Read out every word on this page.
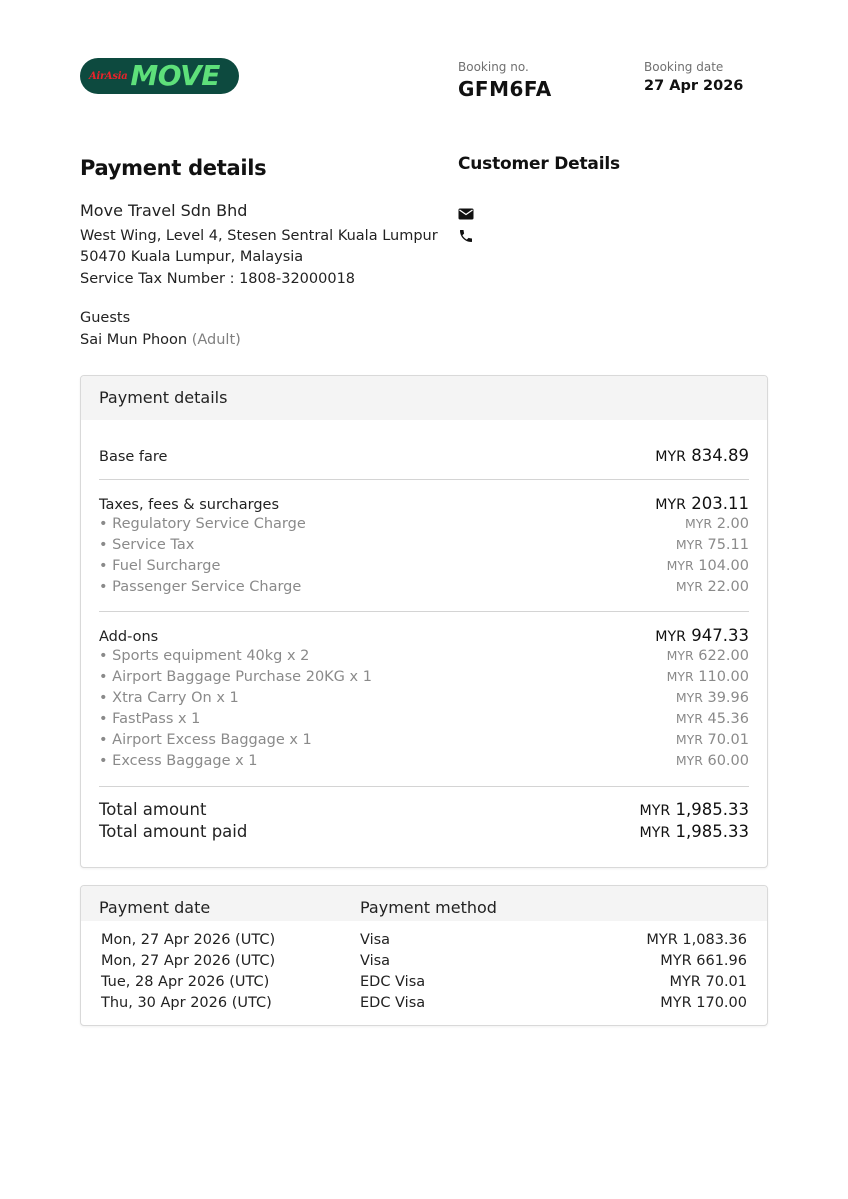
AirAsia MOVE	Booking no.
GFM6FA
Booking date
27 Apr 2026
Payment details	Customer Details
Move Travel Sdn Bhd
West Wing, Level 4, Stesen Sentral Kuala Lumpur
50470 Kuala Lumpur, Malaysia
Service Tax Number : 1808-32000018
Guests
Sai Mun Phoon (Adult)
Payment details
Base fare	MYR 834.89
Taxes, fees & surcharges	MYR 203.11
• Regulatory Service Charge	MYR 2.00
• Service Tax	MYR 75.11
• Fuel Surcharge	MYR 104.00
• Passenger Service Charge	MYR 22.00
Add-ons	MYR 947.33
• Sports equipment 40kg x 2	MYR 622.00
• Airport Baggage Purchase 20KG x 1	MYR 110.00
• Xtra Carry On x 1	MYR 39.96
• FastPass x 1	MYR 45.36
• Airport Excess Baggage x 1	MYR 70.01
• Excess Baggage x 1	MYR 60.00
Total amount	MYR 1,985.33
Total amount paid	MYR 1,985.33
Payment date	Payment method
Mon, 27 Apr 2026 (UTC)	Visa	MYR 1,083.36
Mon, 27 Apr 2026 (UTC)	Visa	MYR 661.96
Tue, 28 Apr 2026 (UTC)	EDC Visa	MYR 70.01
Thu, 30 Apr 2026 (UTC)	EDC Visa	MYR 170.00
